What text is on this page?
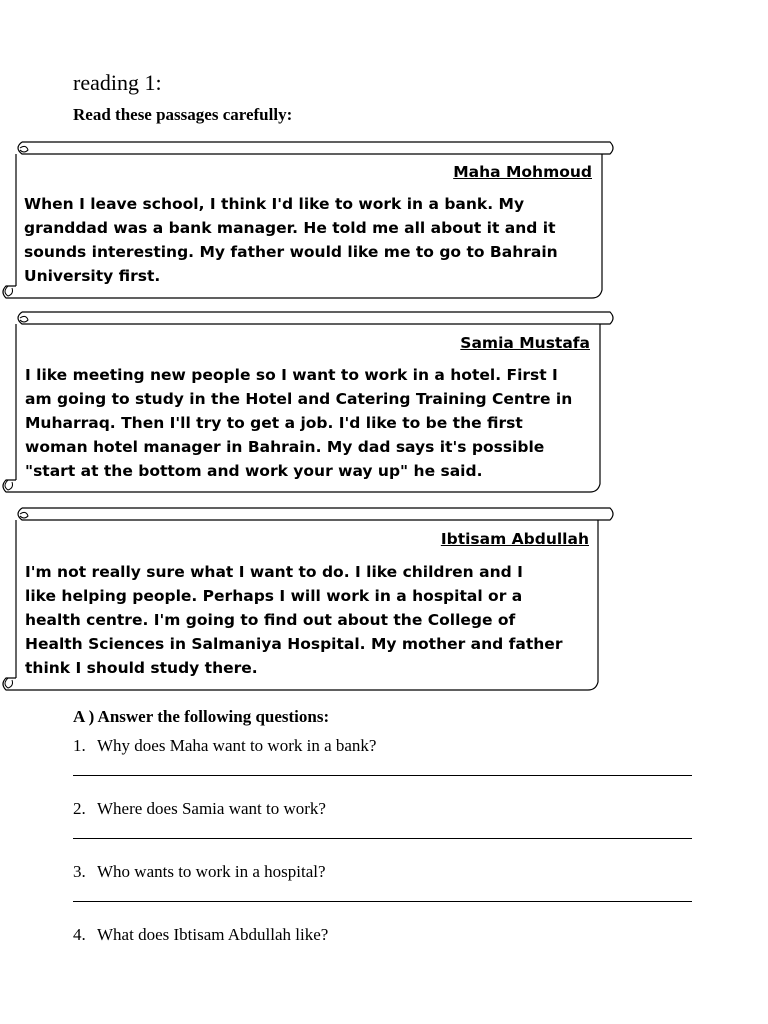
reading 1:
Read these passages carefully:
Maha Mohmoud
When I leave school, I think I'd like to work in a bank. My
granddad was a bank manager. He told me all about it and it
sounds interesting. My father would like me to go to Bahrain
University first.
Samia Mustafa
I like meeting new people so I want to work in a hotel. First I
am going to study in the Hotel and Catering Training Centre in
Muharraq. Then I'll try to get a job. I'd like to be the first
woman hotel manager in Bahrain. My dad says it's possible
"start at the bottom and work your way up" he said.
Ibtisam Abdullah
I'm not really sure what I want to do. I like children and I
like helping people. Perhaps I will work in a hospital or a
health centre. I'm going to find out about the College of
Health Sciences in Salmaniya Hospital. My mother and father
think I should study there.
A ) Answer the following questions:
1. Why does Maha want to work in a bank?
2. Where does Samia want to work?
3. Who wants to work in a hospital?
4. What does Ibtisam Abdullah like?
